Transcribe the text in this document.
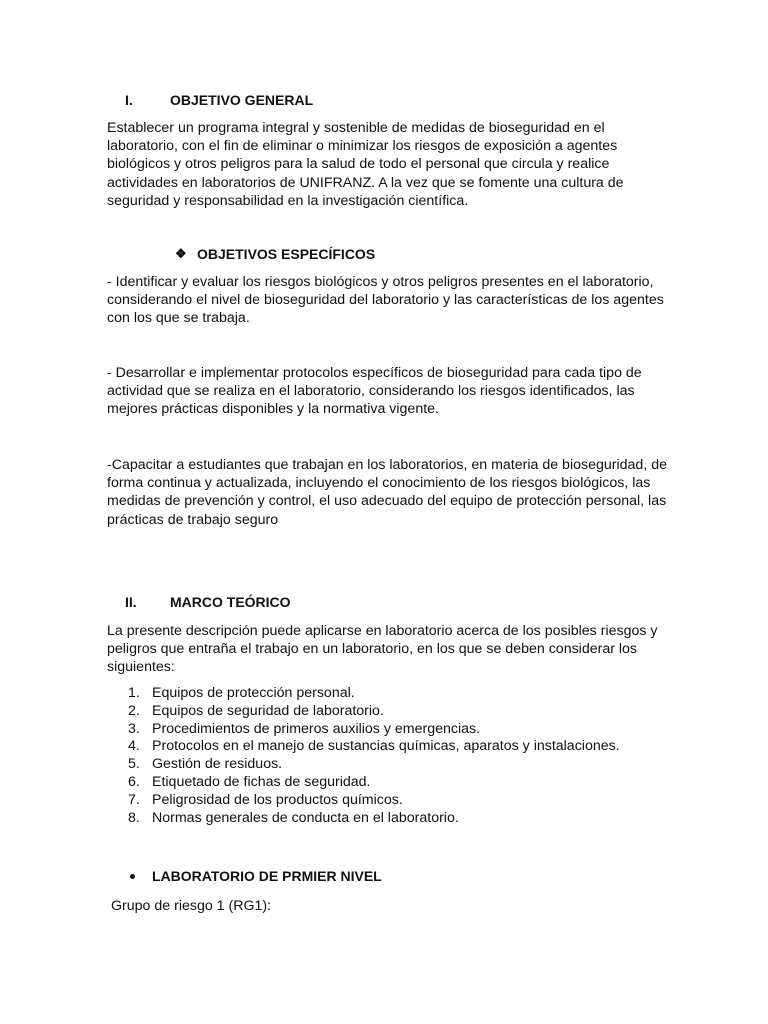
I.	OBJETIVO GENERAL
Establecer un programa integral y sostenible de medidas de bioseguridad en el
laboratorio, con el fin de eliminar o minimizar los riesgos de exposición a agentes
biológicos y otros peligros para la salud de todo el personal que circula y realice
actividades en laboratorios de UNIFRANZ. A la vez que se fomente una cultura de
seguridad y responsabilidad en la investigación científica.
❖ OBJETIVOS ESPECÍFICOS
- Identificar y evaluar los riesgos biológicos y otros peligros presentes en el laboratorio,
considerando el nivel de bioseguridad del laboratorio y las características de los agentes
con los que se trabaja.
- Desarrollar e implementar protocolos específicos de bioseguridad para cada tipo de
actividad que se realiza en el laboratorio, considerando los riesgos identificados, las
mejores prácticas disponibles y la normativa vigente.
-Capacitar a estudiantes que trabajan en los laboratorios, en materia de bioseguridad, de
forma continua y actualizada, incluyendo el conocimiento de los riesgos biológicos, las
medidas de prevención y control, el uso adecuado del equipo de protección personal, las
prácticas de trabajo seguro
II. MARCO TEÓRICO
La presente descripción puede aplicarse en laboratorio acerca de los posibles riesgos y
peligros que entraña el trabajo en un laboratorio, en los que se deben considerar los
siguientes:
1. Equipos de protección personal.
2. Equipos de seguridad de laboratorio.
3. Procedimientos de primeros auxilios y emergencias.
4. Protocolos en el manejo de sustancias químicas, aparatos y instalaciones.
5. Gestión de residuos.
6. Etiquetado de fichas de seguridad.
7. Peligrosidad de los productos químicos.
8. Normas generales de conducta en el laboratorio.
LABORATORIO DE PRMIER NIVEL
Grupo de riesgo 1 (RG1):
